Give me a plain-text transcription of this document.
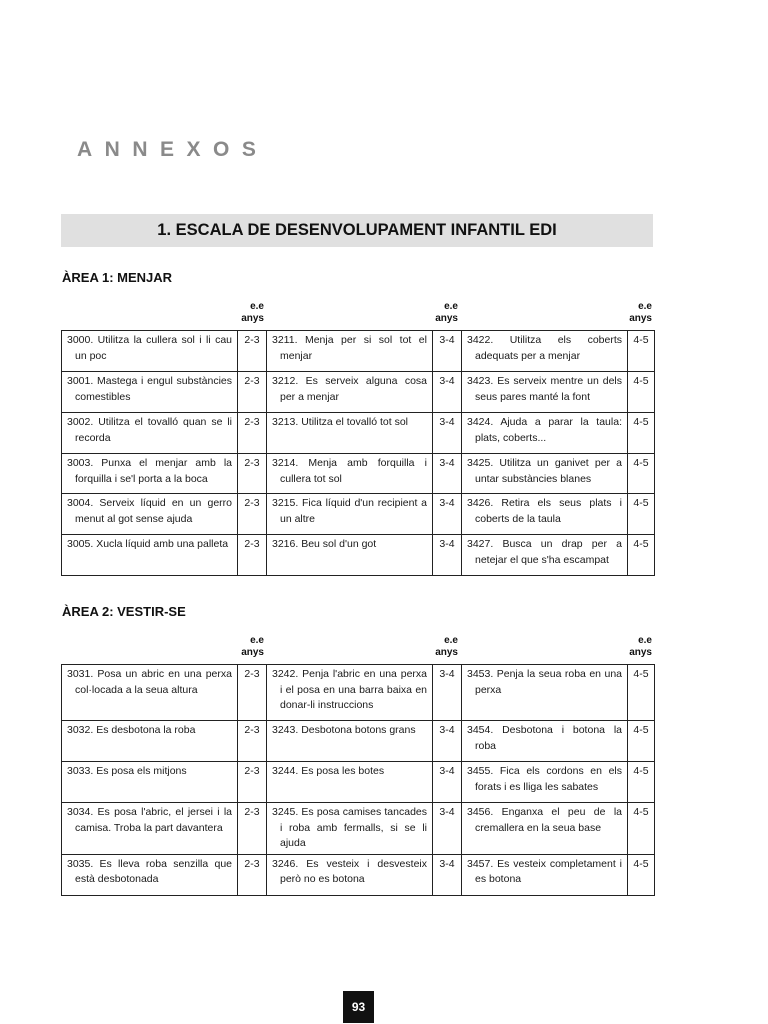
ANNEXOS
1. ESCALA DE DESENVOLUPAMENT INFANTIL EDI
ÀREA 1: MENJAR
e.e
anys
e.e
anys
e.e
anys
3000. Utilitza la cullera sol i li cau un poc	2-3	3211. Menja per si sol tot el menjar	3-4	3422. Utilitza els coberts adequats per a menjar	4-5
3001. Mastega i engul substàncies comestibles	2-3	3212. Es serveix alguna cosa per a menjar	3-4	3423. Es serveix mentre un dels seus pares manté la font	4-5
3002. Utilitza el tovalló quan se li recorda	2-3	3213. Utilitza el tovalló tot sol	3-4	3424. Ajuda a parar la taula: plats, coberts...	4-5
3003. Punxa el menjar amb la forquilla i se'l porta a la boca	2-3	3214. Menja amb forquilla i cullera tot sol	3-4	3425. Utilitza un ganivet per a untar substàncies blanes	4-5
3004. Serveix líquid en un gerro menut al got sense ajuda	2-3	3215. Fica líquid d'un recipient a un altre	3-4	3426. Retira els seus plats i coberts de la taula	4-5
3005. Xucla líquid amb una palleta	2-3	3216. Beu sol d'un got	3-4	3427. Busca un drap per a netejar el que s'ha escampat	4-5
ÀREA 2: VESTIR-SE
e.e
anys
e.e
anys
e.e
anys
3031. Posa un abric en una perxa col·locada a la seua altura	2-3	3242. Penja l'abric en una perxa i el posa en una barra baixa en donar-li instruccions	3-4	3453. Penja la seua roba en una perxa	4-5
3032. Es desbotona la roba	2-3	3243. Desbotona botons grans	3-4	3454. Desbotona i botona la roba	4-5
3033. Es posa els mitjons	2-3	3244. Es posa les botes	3-4	3455. Fica els cordons en els forats i es lliga les sabates	4-5
3034. Es posa l'abric, el jersei i la camisa. Troba la part davantera	2-3	3245. Es posa camises tancades i roba amb fermalls, si se li ajuda	3-4	3456. Enganxa el peu de la cremallera en la seua base	4-5
3035. Es lleva roba senzilla que està desbotonada	2-3	3246. Es vesteix i desvesteix però no es botona	3-4	3457. Es vesteix completament i es botona	4-5
93
